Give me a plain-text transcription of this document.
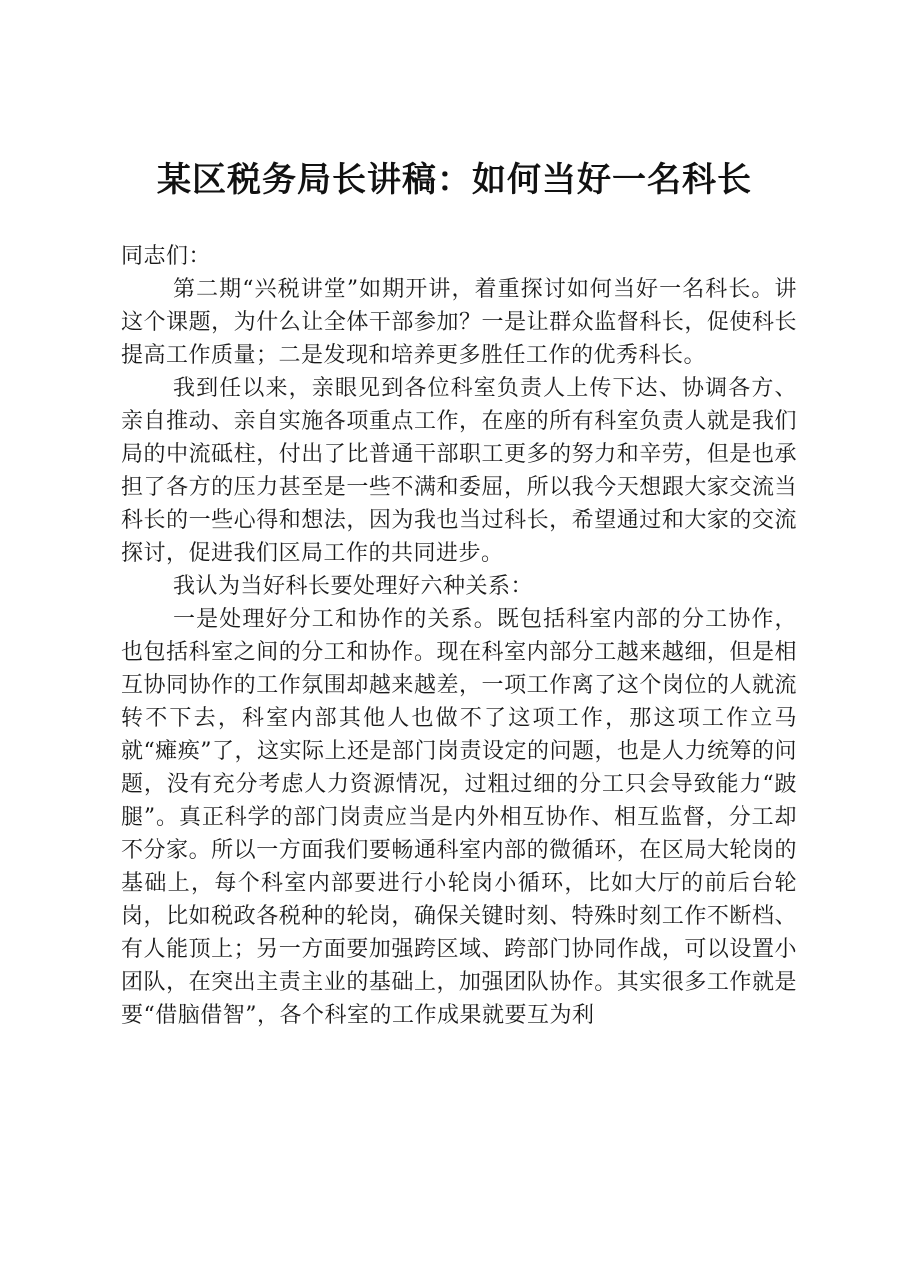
某区税务局长讲稿：如何当好一名科长

同志们：

第二期“兴税讲堂”如期开讲，着重探讨如何当好一名科长。讲这个课题，为什么让全体干部参加？一是让群众监督科长，促使科长提高工作质量；二是发现和培养更多胜任工作的优秀科长。

我到任以来，亲眼见到各位科室负责人上传下达、协调各方、亲自推动、亲自实施各项重点工作，在座的所有科室负责人就是我们局的中流砥柱，付出了比普通干部职工更多的努力和辛劳，但是也承担了各方的压力甚至是一些不满和委屈，所以我今天想跟大家交流当科长的一些心得和想法，因为我也当过科长，希望通过和大家的交流探讨，促进我们区局工作的共同进步。

我认为当好科长要处理好六种关系：

一是处理好分工和协作的关系。既包括科室内部的分工协作，也包括科室之间的分工和协作。现在科室内部分工越来越细，但是相互协同协作的工作氛围却越来越差，一项工作离了这个岗位的人就流转不下去，科室内部其他人也做不了这项工作，那这项工作立马就“瘫痪”了，这实际上还是部门岗责设定的问题，也是人力统筹的问题，没有充分考虑人力资源情况，过粗过细的分工只会导致能力“跛腿”。真正科学的部门岗责应当是内外相互协作、相互监督，分工却不分家。所以一方面我们要畅通科室内部的微循环，在区局大轮岗的基础上，每个科室内部要进行小轮岗小循环，比如大厅的前后台轮岗，比如税政各税种的轮岗，确保关键时刻、特殊时刻工作不断档、有人能顶上；另一方面要加强跨区域、跨部门协同作战，可以设置小团队，在突出主责主业的基础上，加强团队协作。其实很多工作就是要“借脑借智”，各个科室的工作成果就要互为利
